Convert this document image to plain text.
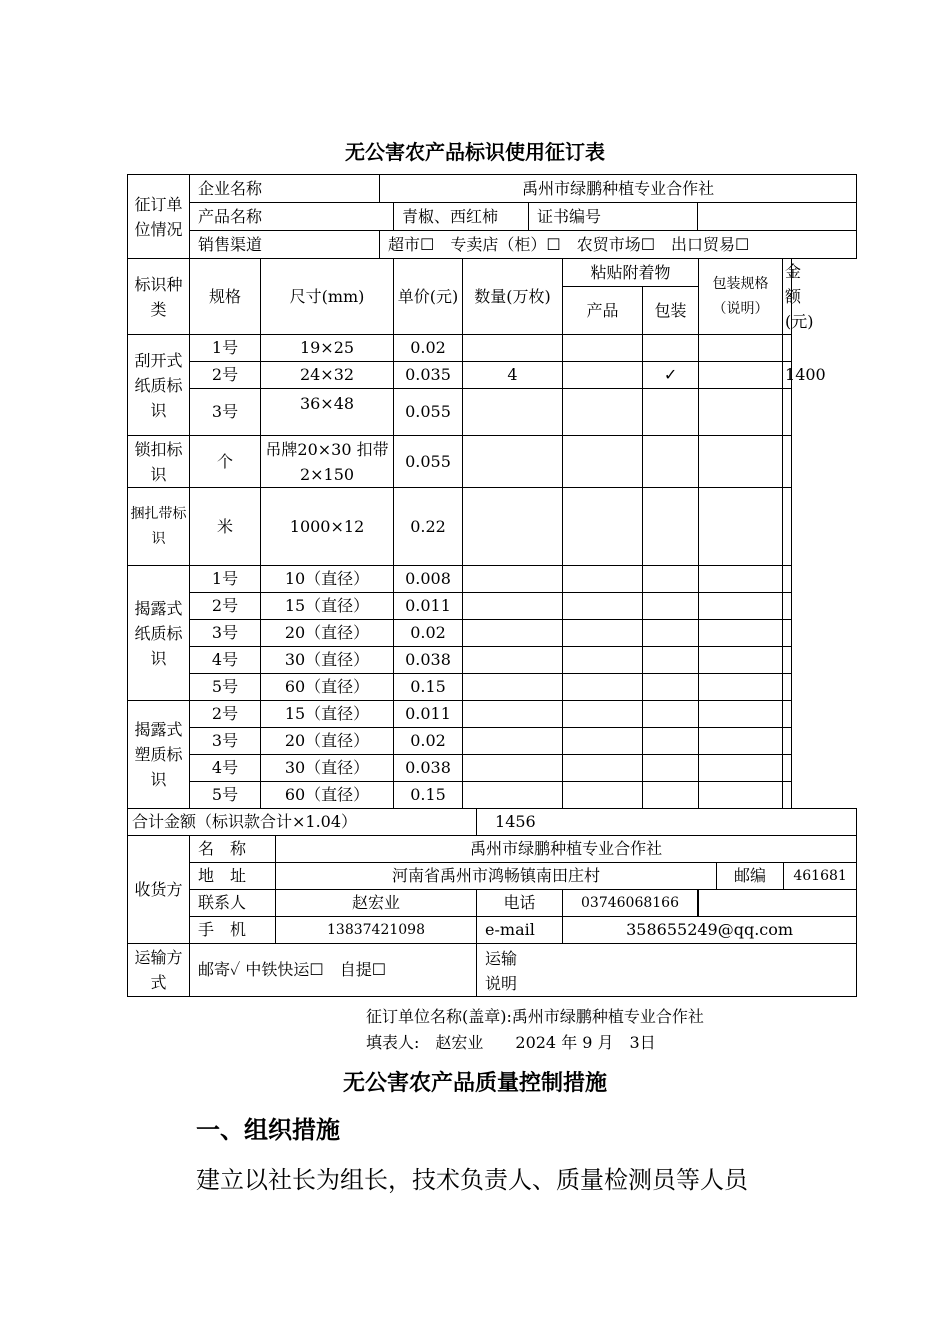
无公害农产品标识使用征订表
征订单位情况	企业名称			禹州市绿鹏种植专业合作社									
	产品名称				青椒、西红柿			证书编号					
	销售渠道			超市☐　专卖店（柜）☐　农贸市场☐　出口贸易☐									
标识种类	规格	尺寸(mm)			单价(元)	数量(万枚)			粘贴附着物		包装规格（说明）		金额(元)
									产品	包装			
刮开式纸质标识	1号	19×25			0.02								
	2号	24×32			0.035	4				✓			1400
	3号	36×48			0.055								
锁扣标识	个	吊牌20×30 扣带2×150			0.055								
捆扎带标识	米	1000×12			0.22								
揭露式纸质标识	1号	10（直径）			0.008								
	2号	15（直径）			0.011								
	3号	20（直径）			0.02								
	4号	30（直径）			0.038								
	5号	60（直径）			0.15								
揭露式塑质标识	2号	15（直径）			0.011								
	3号	20（直径）			0.02								
	4号	30（直径）			0.038								
	5号	60（直径）			0.15								
合计金额（标识款合计×1.04）							1456						
收货方	名　称		禹州市绿鹏种植专业合作社										
	地　址		河南省禹州市鸿畅镇南田庄村									邮编	461681
	联系人		赵宏业				电话		03746068166		
	手　机		13837421098				e-mail		358655249@qq.com				
运输方式	邮寄✓ 中铁快运☐　自提☐						运输说明						
征订单位名称(盖章):禹州市绿鹏种植专业合作社
填表人:　赵宏业　　2024 年 9 月　3日
无公害农产品质量控制措施
一、组织措施
建立以社长为组长，技术负责人、质量检测员等人员
